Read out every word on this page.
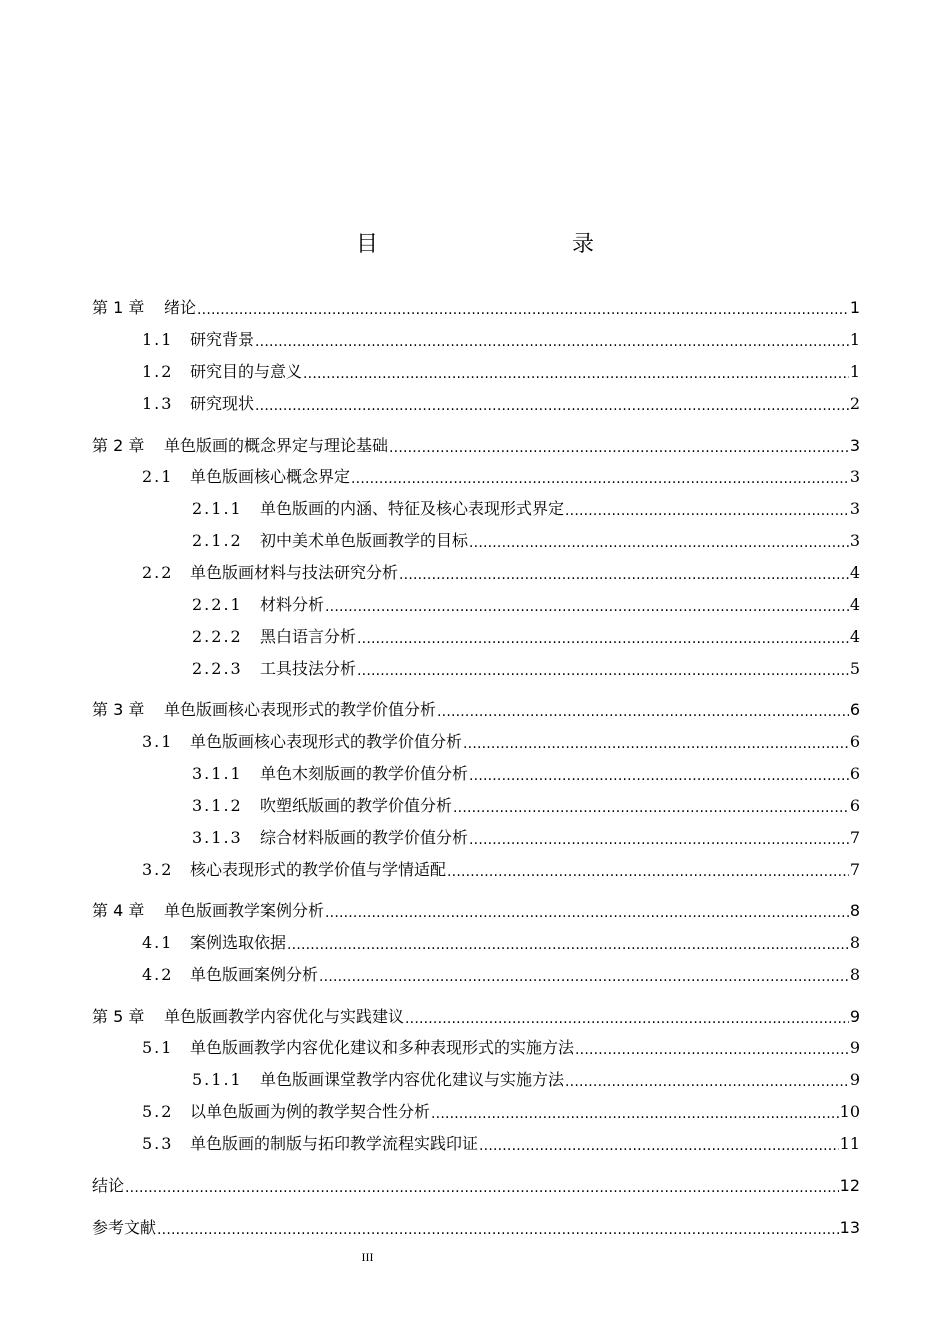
目　　录
第 1 章	绪论 .....	1
1.1	研究背景 .....	1
1.2	研究目的与意义 .....	1
1.3	研究现状 .....	2
第 2 章	单色版画的概念界定与理论基础 .....	3
2.1	单色版画核心概念界定 .....	3
2.1.1	单色版画的内涵、特征及核心表现形式界定 .....	3
2.1.2	初中美术单色版画教学的目标 .....	3
2.2	单色版画材料与技法研究分析 .....	4
2.2.1	材料分析 .....	4
2.2.2	黑白语言分析 .....	4
2.2.3	工具技法分析 .....	5
第 3 章	单色版画核心表现形式的教学价值分析 .....	6
3.1	单色版画核心表现形式的教学价值分析 .....	6
3.1.1	单色木刻版画的教学价值分析 .....	6
3.1.2	吹塑纸版画的教学价值分析 .....	6
3.1.3	综合材料版画的教学价值分析 .....	7
3.2	核心表现形式的教学价值与学情适配 .....	7
第 4 章	单色版画教学案例分析 .....	8
4.1	案例选取依据 .....	8
4.2	单色版画案例分析 .....	8
第 5 章	单色版画教学内容优化与实践建议 .....	9
5.1	单色版画教学内容优化建议和多种表现形式的实施方法 .....	9
5.1.1	单色版画课堂教学内容优化建议与实施方法 .....	9
5.2	以单色版画为例的教学契合性分析 .....	10
5.3	单色版画的制版与拓印教学流程实践印证 .....	11
结论 .....	12
参考文献 .....	13
III
